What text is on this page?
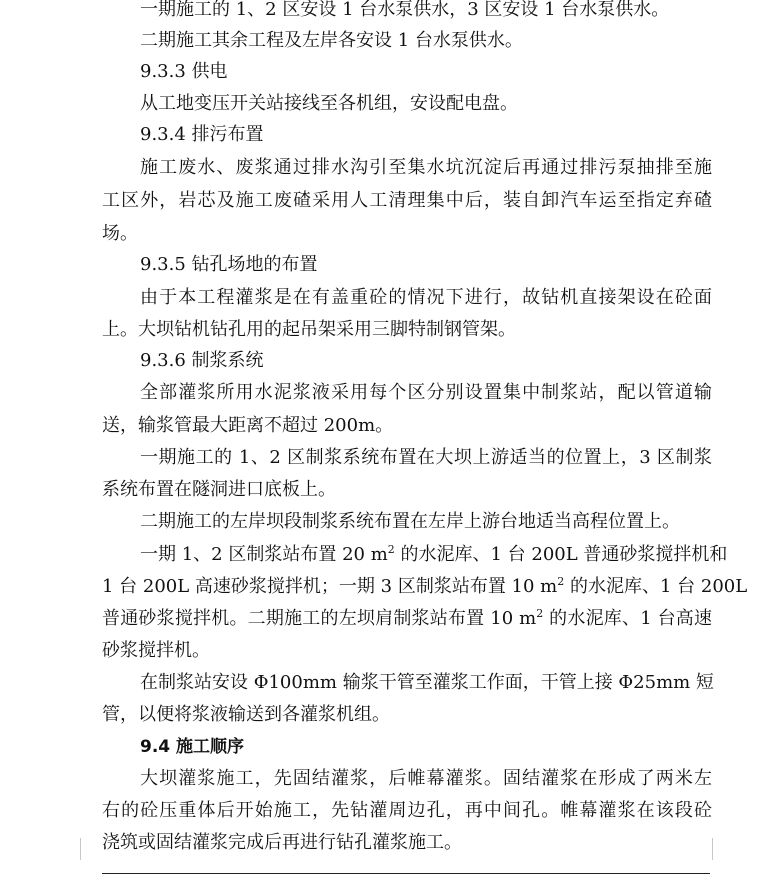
一期施工的 1、2 区安设 1 台水泵供水，3 区安设 1 台水泵供水。
二期施工其余工程及左岸各安设 1 台水泵供水。
9.3.3 供电
从工地变压开关站接线至各机组，安设配电盘。
9.3.4 排污布置
施工废水、废浆通过排水沟引至集水坑沉淀后再通过排污泵抽排至施
工区外，岩芯及施工废碴采用人工清理集中后，装自卸汽车运至指定弃碴
场。
9.3.5 钻孔场地的布置
由于本工程灌浆是在有盖重砼的情况下进行，故钻机直接架设在砼面
上。大坝钻机钻孔用的起吊架采用三脚特制钢管架。
9.3.6 制浆系统
全部灌浆所用水泥浆液采用每个区分别设置集中制浆站，配以管道输
送，输浆管最大距离不超过 200m。
一期施工的 1、2 区制浆系统布置在大坝上游适当的位置上，3 区制浆
系统布置在隧洞进口底板上。
二期施工的左岸坝段制浆系统布置在左岸上游台地适当高程位置上。
一期 1、2 区制浆站布置 20 $m^2$ 的水泥库、1 台 200L 普通砂浆搅拌机和
1 台 200L 高速砂浆搅拌机；一期 3 区制浆站布置 10 $m^2$ 的水泥库、1 台 200L
普通砂浆搅拌机。二期施工的左坝肩制浆站布置 10 $m^2$ 的水泥库、1 台高速
砂浆搅拌机。
在制浆站安设 Φ100mm 输浆干管至灌浆工作面，干管上接 Φ25mm 短
管，以便将浆液输送到各灌浆机组。
9.4 施工顺序
大坝灌浆施工，先固结灌浆，后帷幕灌浆。固结灌浆在形成了两米左
右的砼压重体后开始施工，先钻灌周边孔，再中间孔。帷幕灌浆在该段砼
浇筑或固结灌浆完成后再进行钻孔灌浆施工。
